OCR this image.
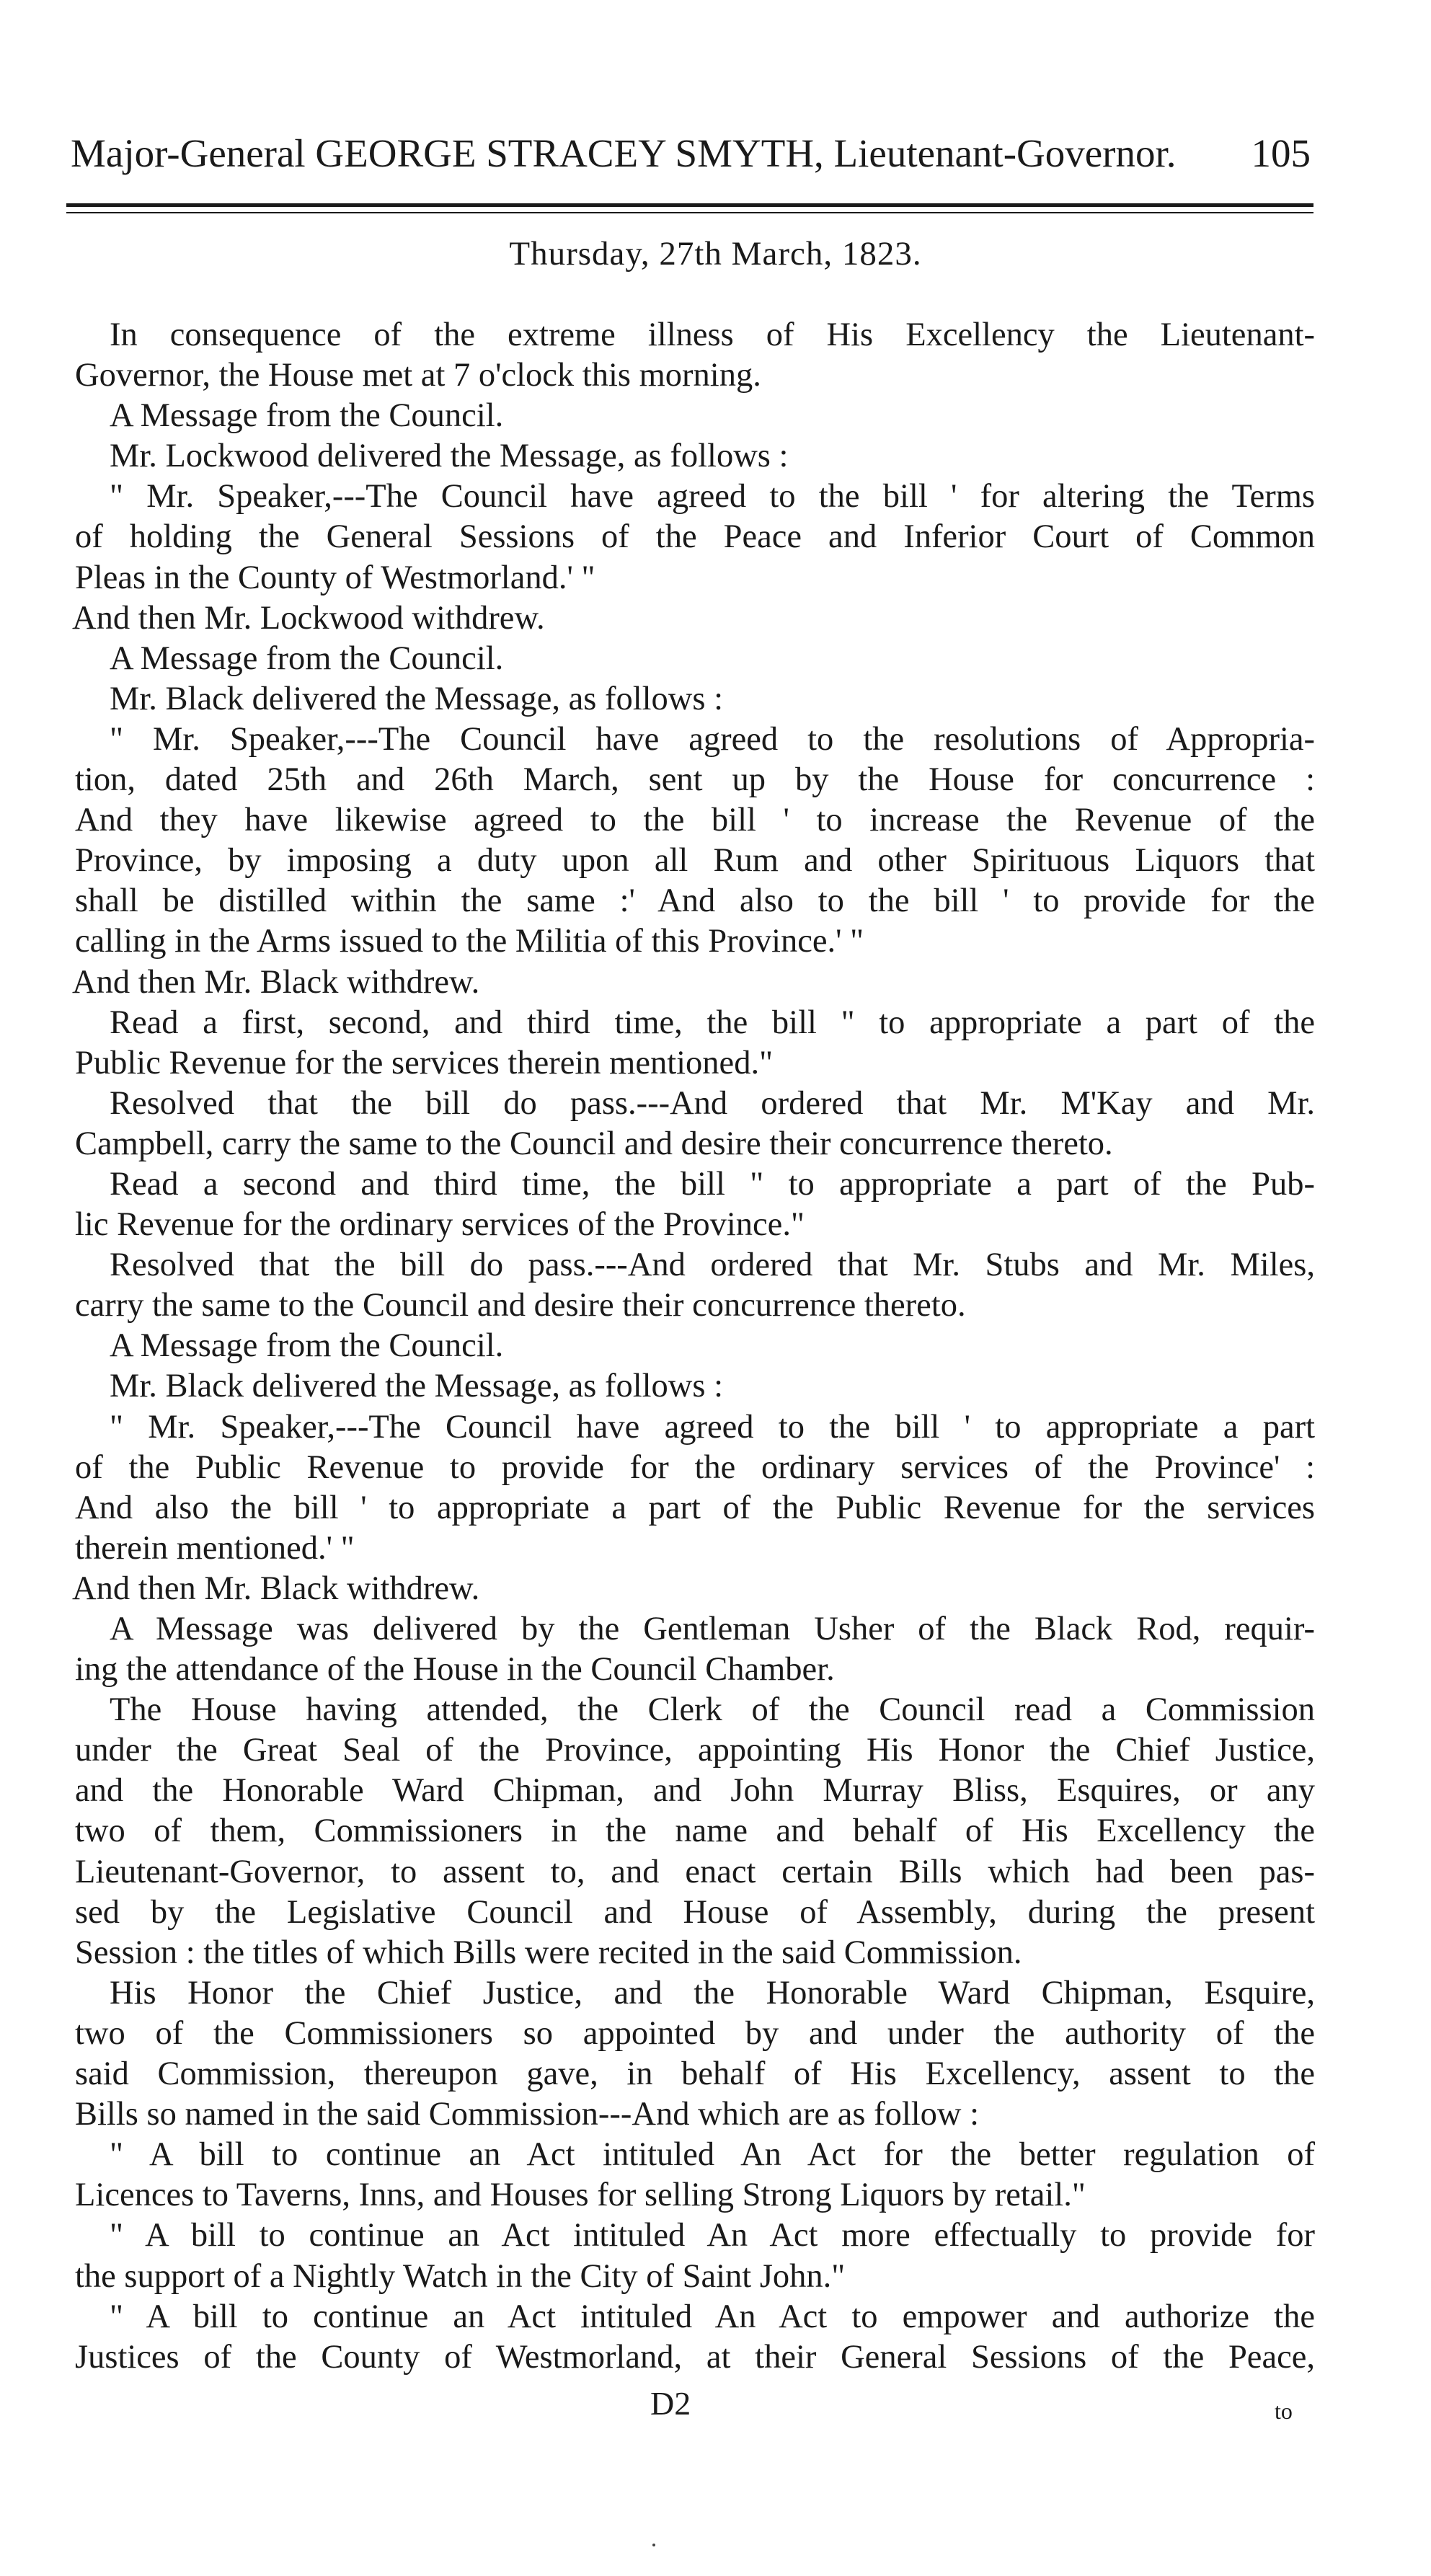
Major-General GEORGE STRACEY SMYTH, Lieutenant-Governor. 105
Thursday, 27th March, 1823.
In consequence of the extreme illness of His Excellency the Lieutenant-
Governor, the House met at 7 o'clock this morning.
A Message from the Council.
Mr. Lockwood delivered the Message, as follows :
" Mr. Speaker,---The Council have agreed to the bill ' for altering the Terms
of holding the General Sessions of the Peace and Inferior Court of Common
Pleas in the County of Westmorland.' "
And then Mr. Lockwood withdrew.
A Message from the Council.
Mr. Black delivered the Message, as follows :
" Mr. Speaker,---The Council have agreed to the resolutions of Appropria-
tion, dated 25th and 26th March, sent up by the House for concurrence :
And they have likewise agreed to the bill ' to increase the Revenue of the
Province, by imposing a duty upon all Rum and other Spirituous Liquors that
shall be distilled within the same :' And also to the bill ' to provide for the
calling in the Arms issued to the Militia of this Province.' "
And then Mr. Black withdrew.
Read a first, second, and third time, the bill " to appropriate a part of the
Public Revenue for the services therein mentioned."
Resolved that the bill do pass.---And ordered that Mr. M'Kay and Mr.
Campbell, carry the same to the Council and desire their concurrence thereto.
Read a second and third time, the bill " to appropriate a part of the Pub-
lic Revenue for the ordinary services of the Province."
Resolved that the bill do pass.---And ordered that Mr. Stubs and Mr. Miles,
carry the same to the Council and desire their concurrence thereto.
A Message from the Council.
Mr. Black delivered the Message, as follows :
" Mr. Speaker,---The Council have agreed to the bill ' to appropriate a part
of the Public Revenue to provide for the ordinary services of the Province' :
And also the bill ' to appropriate a part of the Public Revenue for the services
therein mentioned.' "
And then Mr. Black withdrew.
A Message was delivered by the Gentleman Usher of the Black Rod, requir-
ing the attendance of the House in the Council Chamber.
The House having attended, the Clerk of the Council read a Commission
under the Great Seal of the Province, appointing His Honor the Chief Justice,
and the Honorable Ward Chipman, and John Murray Bliss, Esquires, or any
two of them, Commissioners in the name and behalf of His Excellency the
Lieutenant-Governor, to assent to, and enact certain Bills which had been pas-
sed by the Legislative Council and House of Assembly, during the present
Session : the titles of which Bills were recited in the said Commission.
His Honor the Chief Justice, and the Honorable Ward Chipman, Esquire,
two of the Commissioners so appointed by and under the authority of the
said Commission, thereupon gave, in behalf of His Excellency, assent to the
Bills so named in the said Commission---And which are as follow :
" A bill to continue an Act intituled An Act for the better regulation of
Licences to Taverns, Inns, and Houses for selling Strong Liquors by retail."
" A bill to continue an Act intituled An Act more effectually to provide for
the support of a Nightly Watch in the City of Saint John."
" A bill to continue an Act intituled An Act to empower and authorize the
Justices of the County of Westmorland, at their General Sessions of the Peace,
D2	to
